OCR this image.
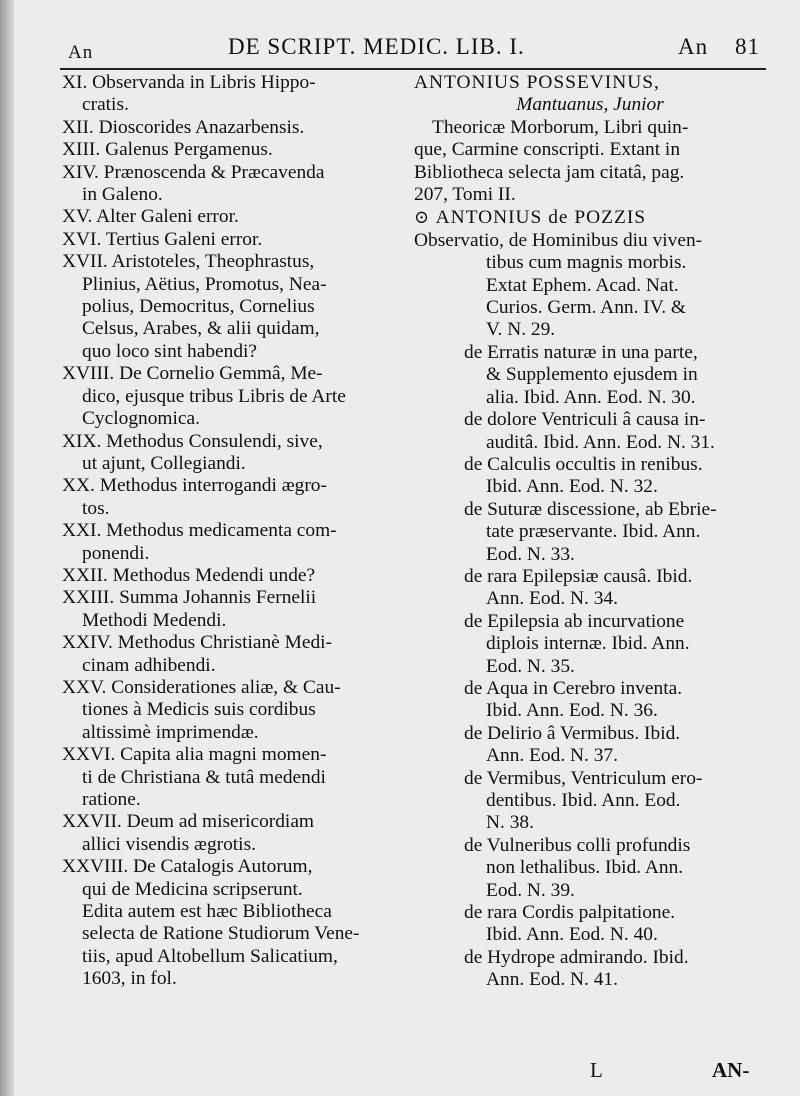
An	DE SCRIPT. MEDIC. LIB. I.	An 81
XI. Observanda in Libris Hippo-
cratis.
XII. Dioscorides Anazarbensis.
XIII. Galenus Pergamenus.
XIV. Prænoscenda & Præcavenda
in Galeno.
XV. Alter Galeni error.
XVI. Tertius Galeni error.
XVII. Aristoteles, Theophrastus,
Plinius, Aëtius, Promotus, Nea-
polius, Democritus, Cornelius
Celsus, Arabes, & alii quidam,
quo loco sint habendi?
XVIII. De Cornelio Gemmâ, Me-
dico, ejusque tribus Libris de Arte
Cyclognomica.
XIX. Methodus Consulendi, sive,
ut ajunt, Collegiandi.
XX. Methodus interrogandi ægro-
tos.
XXI. Methodus medicamenta com-
ponendi.
XXII. Methodus Medendi unde?
XXIII. Summa Johannis Fernelii
Methodi Medendi.
XXIV. Methodus Christianè Medi-
cinam adhibendi.
XXV. Considerationes aliæ, & Cau-
tiones à Medicis suis cordibus
altissimè imprimendæ.
XXVI. Capita alia magni momen-
ti de Christiana & tutâ medendi
ratione.
XXVII. Deum ad misericordiam
allici visendis ægrotis.
XXVIII. De Catalogis Autorum,
qui de Medicina scripserunt.
Edita autem est hæc Bibliotheca
selecta de Ratione Studiorum Vene-
tiis, apud Altobellum Salicatium,
1603, in fol.
ANTONIUS POSSEVINUS,
Mantuanus, Junior
Theoricæ Morborum, Libri quin-
que, Carmine conscripti. Extant in
Bibliotheca selecta jam citatâ, pag.
207, Tomi II.
⊙ ANTONIUS de POZZIS
Observatio, de Hominibus diu viven-
tibus cum magnis morbis.
Extat Ephem. Acad. Nat.
Curios. Germ. Ann. IV. &
V. N. 29.
de Erratis naturæ in una parte,
& Supplemento ejusdem in
alia. Ibid. Ann. Eod. N. 30.
de dolore Ventriculi â causa in-
auditâ. Ibid. Ann. Eod. N. 31.
de Calculis occultis in renibus.
Ibid. Ann. Eod. N. 32.
de Suturæ discessione, ab Ebrie-
tate præservante. Ibid. Ann.
Eod. N. 33.
de rara Epilepsiæ causâ. Ibid.
Ann. Eod. N. 34.
de Epilepsia ab incurvatione
diplois internæ. Ibid. Ann.
Eod. N. 35.
de Aqua in Cerebro inventa.
Ibid. Ann. Eod. N. 36.
de Delirio â Vermibus. Ibid.
Ann. Eod. N. 37.
de Vermibus, Ventriculum ero-
dentibus. Ibid. Ann. Eod.
N. 38.
de Vulneribus colli profundis
non lethalibus. Ibid. Ann.
Eod. N. 39.
de rara Cordis palpitatione.
Ibid. Ann. Eod. N. 40.
de Hydrope admirando. Ibid.
Ann. Eod. N. 41.
L	AN-
